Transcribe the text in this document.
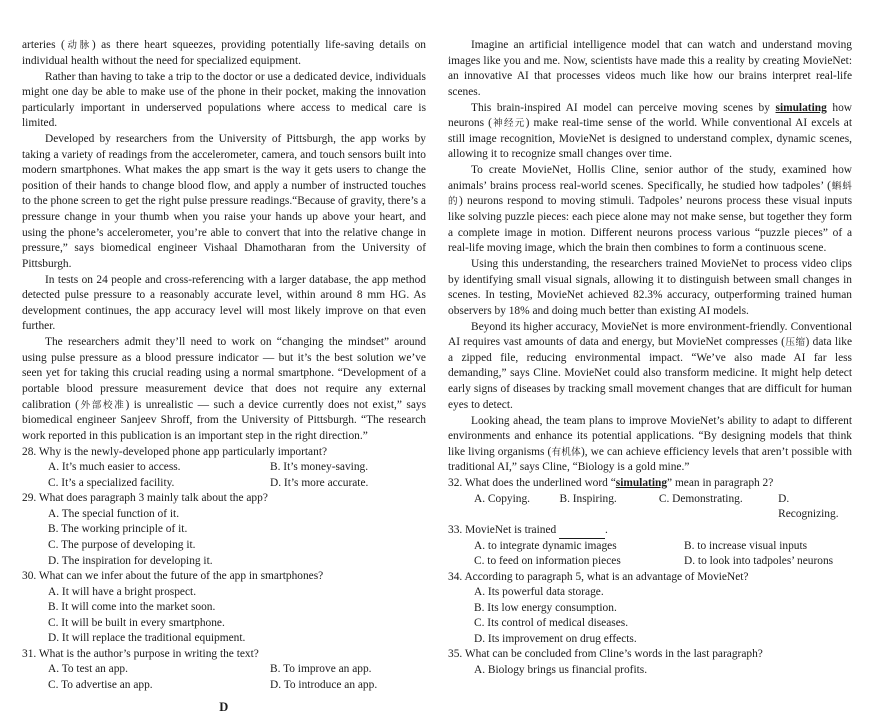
arteries (动脉) as there heart squeezes, providing potentially life-saving details on individual health without the need for specialized equipment.

Rather than having to take a trip to the doctor or use a dedicated device, individuals might one day be able to make use of the phone in their pocket, making the innovation particularly important in underserved populations where access to medical care is limited.

Developed by researchers from the University of Pittsburgh, the app works by taking a variety of readings from the accelerometer, camera, and touch sensors built into modern smartphones. What makes the app smart is the way it gets users to change the position of their hands to change blood flow, and apply a number of instructed touches to the phone screen to get the right pulse pressure readings.“Because of gravity, there’s a pressure change in your thumb when you raise your hands up above your heart, and using the phone’s accelerometer, you’re able to convert that into the relative change in pressure,” says biomedical engineer Vishaal Dhamotharan from the University of Pittsburgh.

In tests on 24 people and cross-referencing with a larger database, the app method detected pulse pressure to a reasonably accurate level, within around 8 mm HG. As development continues, the app accuracy level will most likely improve on that even further.

The researchers admit they’ll need to work on “changing the mindset” around using pulse pressure as a blood pressure indicator — but it’s the best solution we’ve seen yet for taking this crucial reading using a normal smartphone. “Development of a portable blood pressure measurement device that does not require any external calibration (外部校准) is unrealistic — such a device currently does not exist,” says biomedical engineer Sanjeev Shroff, from the University of Pittsburgh. “The research work reported in this publication is an important step in the right direction.”

28. Why is the newly-developed phone app particularly important?

A. It’s much easier to access.	B. It’s money-saving.
C. It’s a specialized facility.	D. It’s more accurate.

29. What does paragraph 3 mainly talk about the app?

A. The special function of it.
B. The working principle of it.
C. The purpose of developing it.
D. The inspiration for developing it.

30. What can we infer about the future of the app in smartphones?

A. It will have a bright prospect.
B. It will come into the market soon.
C. It will be built in every smartphone.
D. It will replace the traditional equipment.

31. What is the author’s purpose in writing the text?

A. To test an app.	B. To improve an app.
C. To advertise an app.	D. To introduce an app.
D

Imagine an artificial intelligence model that can watch and understand moving images like you and me. Now, scientists have made this a reality by creating MovieNet: an innovative AI that processes videos much like how our brains interpret real-life scenes.

This brain-inspired AI model can perceive moving scenes by simulating how neurons (神经元) make real-time sense of the world. While conventional AI excels at still image recognition, MovieNet is designed to understand complex, dynamic scenes, allowing it to recognize small changes over time.

To create MovieNet, Hollis Cline, senior author of the study, examined how animals’ brains process real-world scenes. Specifically, he studied how tadpoles’ (蝌蚪的) neurons respond to moving stimuli. Tadpoles’ neurons process these visual inputs like solving puzzle pieces: each piece alone may not make sense, but together they form a complete image in motion. Different neurons process various “puzzle pieces” of a real-life moving image, which the brain then combines to form a continuous scene.

Using this understanding, the researchers trained MovieNet to process video clips by identifying small visual signals, allowing it to distinguish between small changes in scenes. In testing, MovieNet achieved 82.3% accuracy, outperforming trained human observers by 18% and doing much better than existing AI models.

Beyond its higher accuracy, MovieNet is more environment-friendly. Conventional AI requires vast amounts of data and energy, but MovieNet compresses (压缩) data like a zipped file, reducing environmental impact. “We’ve also made AI far less demanding,” says Cline. MovieNet could also transform medicine. It might help detect early signs of diseases by tracking small movement changes that are difficult for human eyes to detect.

Looking ahead, the team plans to improve MovieNet’s ability to adapt to different environments and enhance its potential applications. “By designing models that think like living organisms (有机体), we can achieve efficiency levels that aren’t possible with traditional AI,” says Cline, “Biology is a gold mine.”

32. What does the underlined word “simulating” mean in paragraph 2?

A. Copying.	B. Inspiring.	C. Demonstrating.	D. Recognizing.

33. MovieNet is trained	.

A. to integrate dynamic images	B. to increase visual inputs
C. to feed on information pieces	D. to look into tadpoles’ neurons

34. According to paragraph 5, what is an advantage of MovieNet?

A. Its powerful data storage.
B. Its low energy consumption.
C. Its control of medical diseases.
D. Its improvement on drug effects.

35. What can be concluded from Cline’s words in the last paragraph?

A. Biology brings us financial profits.
